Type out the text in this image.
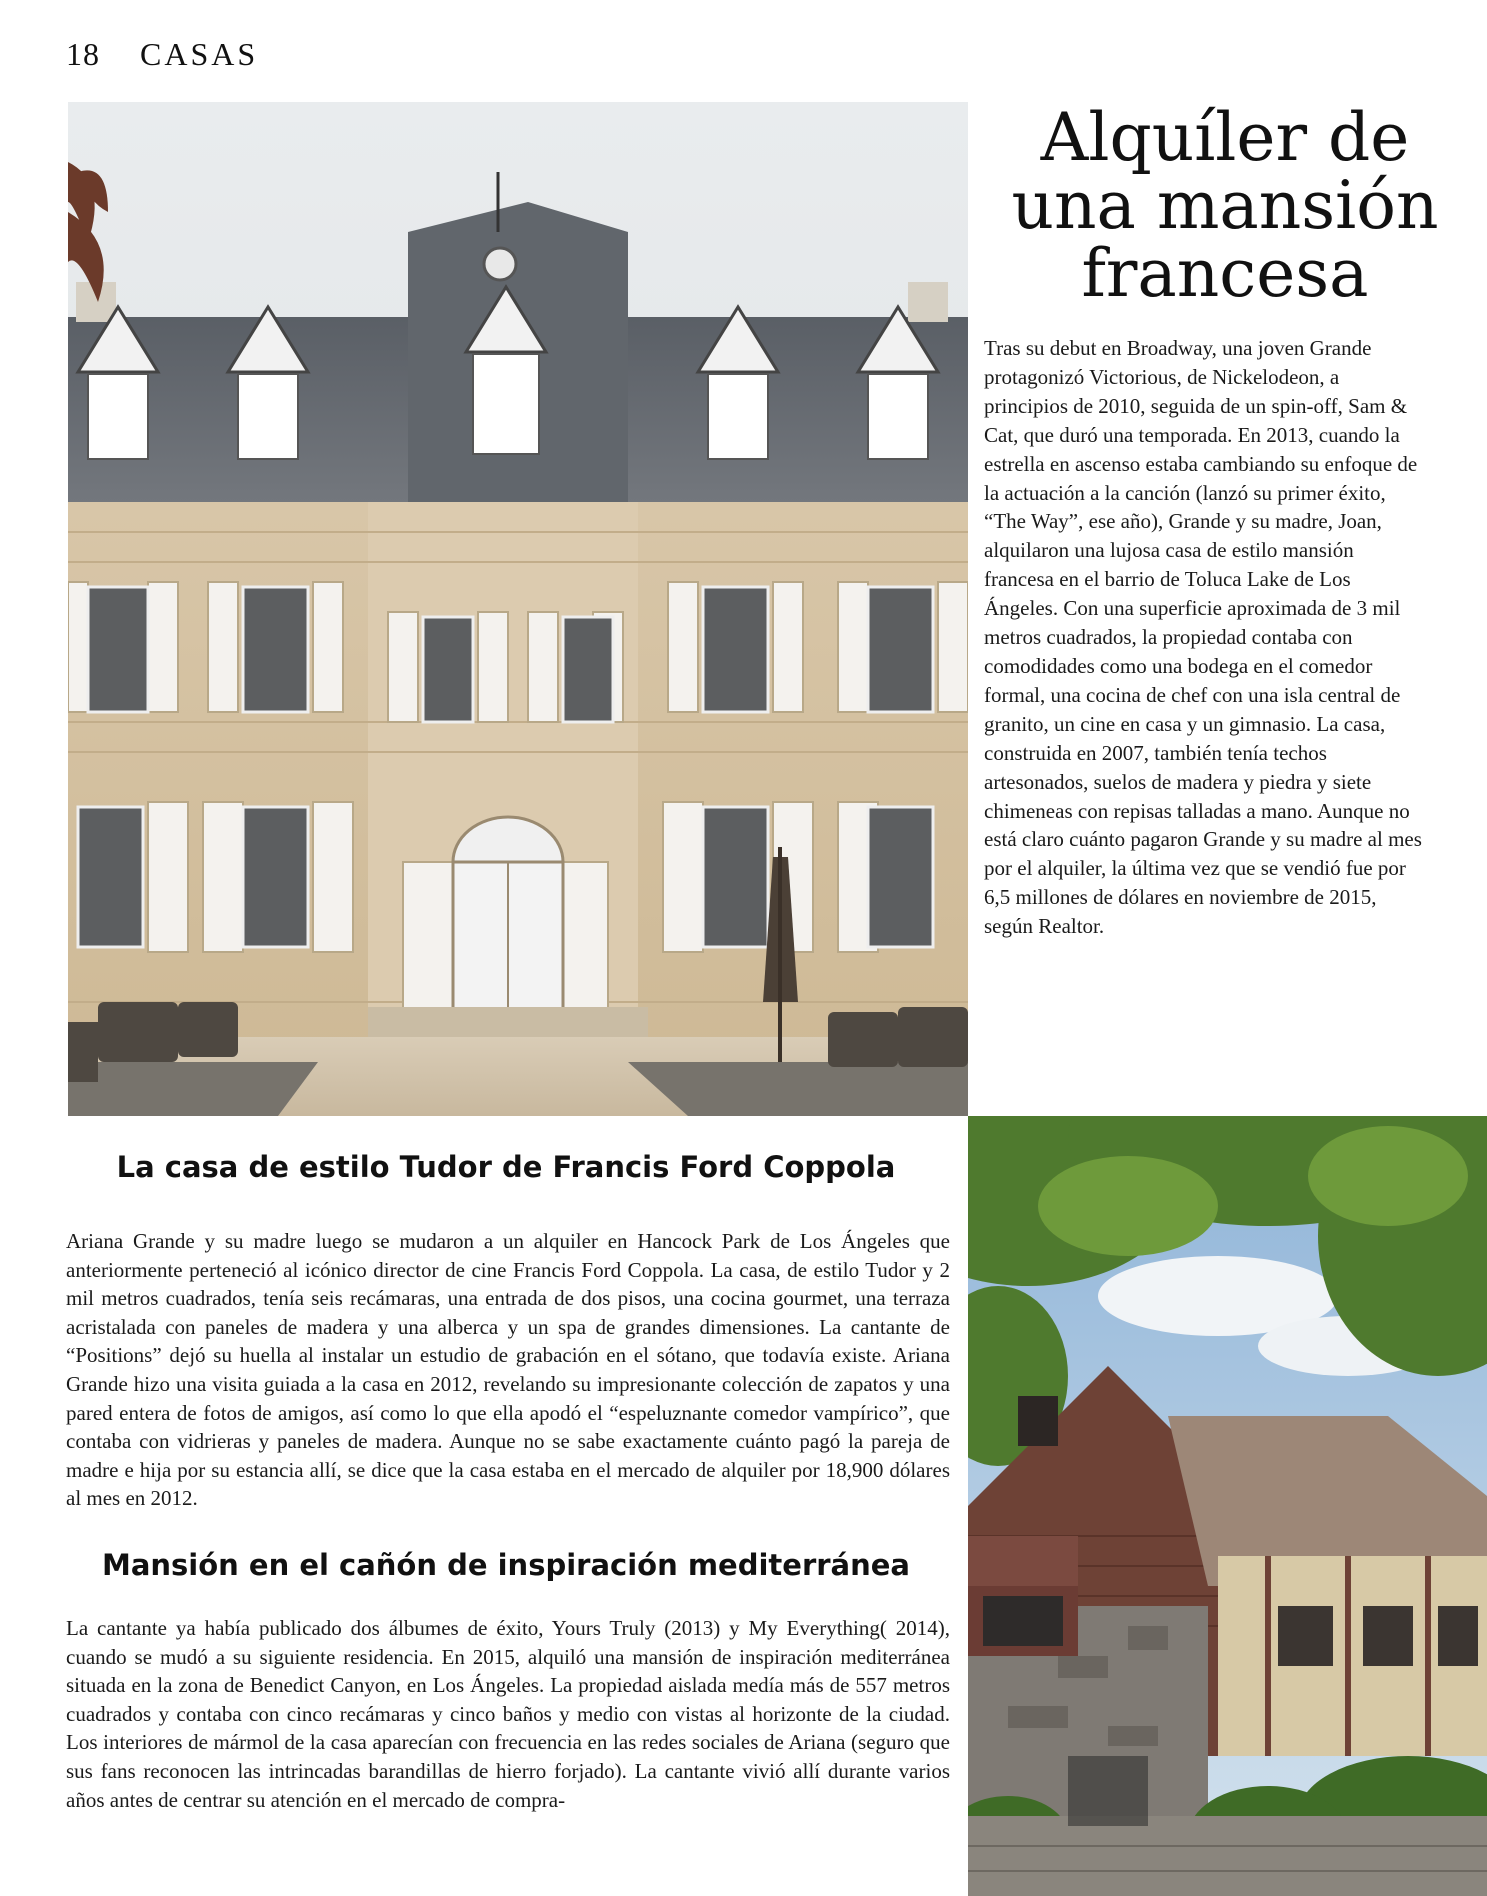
18 CASAS
Alquíler de
una mansión
francesa

Tras su debut en Broadway, una joven Grande protagonizó Victorious, de Nickelodeon, a principios de 2010, seguida de un spin-off, Sam & Cat, que duró una temporada. En 2013, cuando la estrella en ascenso estaba cambiando su enfoque de la actuación a la canción (lanzó su primer éxito, “The Way”, ese año), Grande y su madre, Joan, alquilaron una lujosa casa de estilo mansión francesa en el barrio de Toluca Lake de Los Ángeles. Con una superficie aproximada de 3 mil metros cuadrados, la propiedad contaba con comodidades como una bodega en el comedor formal, una cocina de chef con una isla central de granito, un cine en casa y un gimnasio. La casa, construida en 2007, también tenía techos artesonados, suelos de madera y piedra y siete chimeneas con repisas talladas a mano. Aunque no está claro cuánto pagaron Grande y su madre al mes por el alquiler, la última vez que se vendió fue por 6,5 millones de dólares en noviembre de 2015, según Realtor.

La casa de estilo Tudor de Francis Ford Coppola

Ariana Grande y su madre luego se mudaron a un alquiler en Hancock Park de Los Ángeles que anteriormente perteneció al icónico director de cine Francis Ford Coppola. La casa, de estilo Tudor y 2 mil metros cuadrados, tenía seis recámaras, una entrada de dos pisos, una cocina gourmet, una terraza acristalada con paneles de madera y una alberca y un spa de grandes dimensiones. La cantante de “Positions” dejó su huella al instalar un estudio de grabación en el sótano, que todavía existe. Ariana Grande hizo una visita guiada a la casa en 2012, revelando su impresionante colección de zapatos y una pared entera de fotos de amigos, así como lo que ella apodó el “espeluznante comedor vampírico”, que contaba con vidrieras y paneles de madera. Aunque no se sabe exactamente cuánto pagó la pareja de madre e hija por su estancia allí, se dice que la casa estaba en el mercado de alquiler por 18,900 dólares al mes en 2012.

Mansión en el cañón de inspiración mediterránea

La cantante ya había publicado dos álbumes de éxito, Yours Truly (2013) y My Everything( 2014), cuando se mudó a su siguiente residencia. En 2015, alquiló una mansión de inspiración mediterránea situada en la zona de Benedict Canyon, en Los Ángeles. La propiedad aislada medía más de 557 metros cuadrados y contaba con cinco recámaras y cinco baños y medio con vistas al horizonte de la ciudad. Los interiores de mármol de la casa aparecían con frecuencia en las redes sociales de Ariana (seguro que sus fans reconocen las intrincadas barandillas de hierro forjado). La cantante vivió allí durante varios años antes de centrar su atención en el mercado de compra-
